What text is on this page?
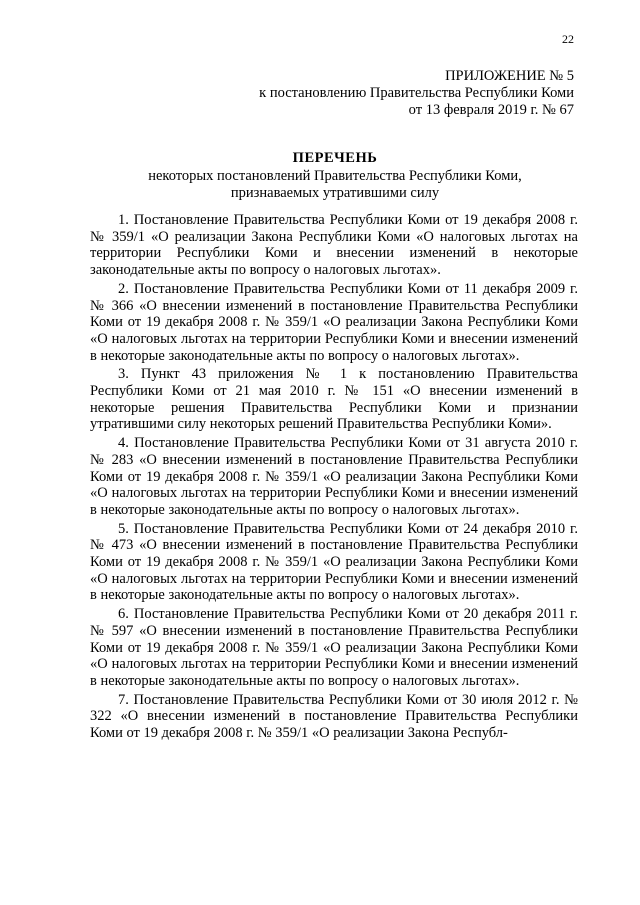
22
ПРИЛОЖЕНИЕ № 5
к постановлению Правительства Республики Коми
от 13 февраля 2019 г. № 67
ПЕРЕЧЕНЬ
некоторых постановлений Правительства Республики Коми,
признаваемых утратившими силу

1. Постановление Правительства Республики Коми от 19 декабря 2008 г. № 359/1 «О реализации Закона Республики Коми «О налоговых льготах на территории Республики Коми и внесении изменений в некоторые законодательные акты по вопросу о налоговых льготах».

2. Постановление Правительства Республики Коми от 11 декабря 2009 г. № 366 «О внесении изменений в постановление Правительства Республики Коми от 19 декабря 2008 г. № 359/1 «О реализации Закона Республики Коми «О налоговых льготах на территории Республики Коми и внесении изменений в некоторые законодательные акты по вопросу о налоговых льготах».

3. Пункт 43 приложения № 1 к постановлению Правительства Республики Коми от 21 мая 2010 г. № 151 «О внесении изменений в некоторые решения Правительства Республики Коми и признании утратившими силу некоторых решений Правительства Республики Коми».

4. Постановление Правительства Республики Коми от 31 августа 2010 г. № 283 «О внесении изменений в постановление Правительства Республики Коми от 19 декабря 2008 г. № 359/1 «О реализации Закона Республики Коми «О налоговых льготах на территории Республики Коми и внесении изменений в некоторые законодательные акты по вопросу о налоговых льготах».

5. Постановление Правительства Республики Коми от 24 декабря 2010 г. № 473 «О внесении изменений в постановление Правительства Республики Коми от 19 декабря 2008 г. № 359/1 «О реализации Закона Республики Коми «О налоговых льготах на территории Республики Коми и внесении изменений в некоторые законодательные акты по вопросу о налоговых льготах».

6. Постановление Правительства Республики Коми от 20 декабря 2011 г. № 597 «О внесении изменений в постановление Правительства Республики Коми от 19 декабря 2008 г. № 359/1 «О реализации Закона Республики Коми «О налоговых льготах на территории Республики Коми и внесении изменений в некоторые законодательные акты по вопросу о налоговых льготах».

7. Постановление Правительства Республики Коми от 30 июля 2012 г. № 322 «О внесении изменений в постановление Правительства Республики Коми от 19 декабря 2008 г. № 359/1 «О реализации Закона Республ-
